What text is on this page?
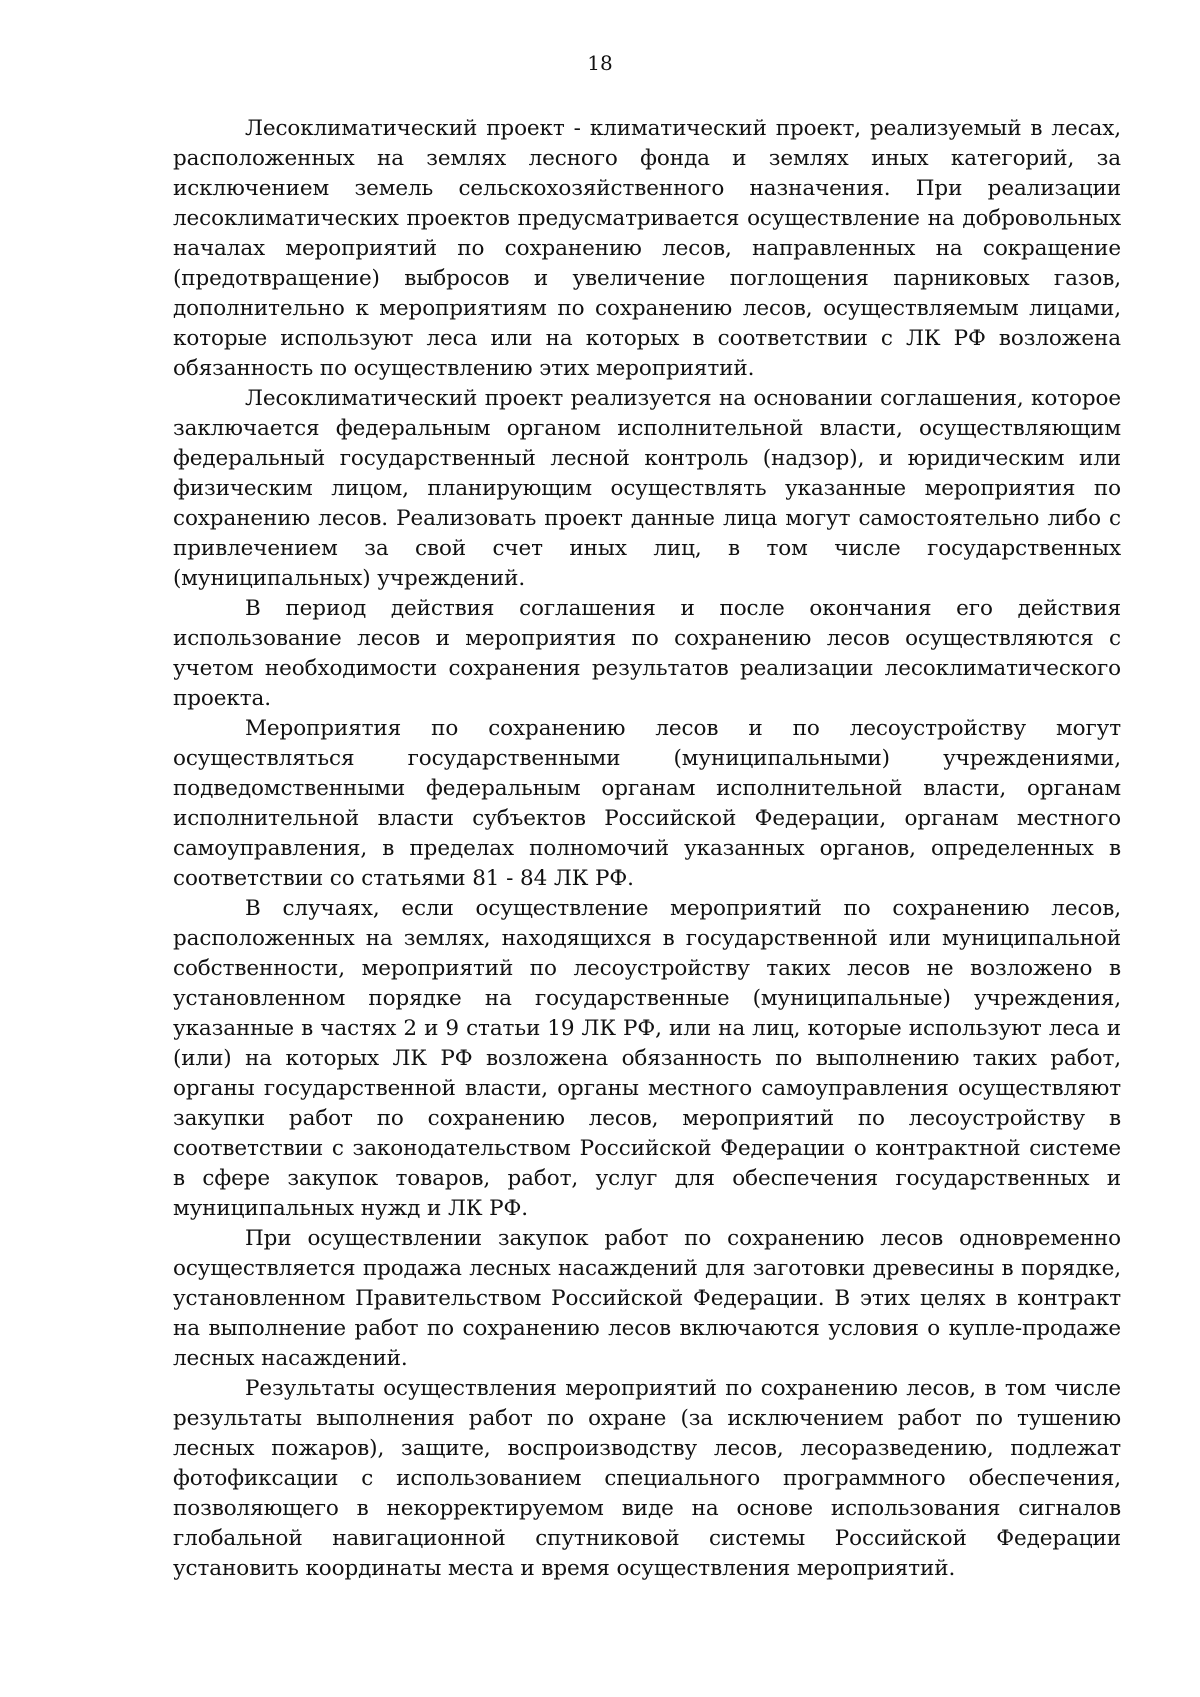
18

Лесоклиматический проект - климатический проект, реализуемый в лесах, расположенных на землях лесного фонда и землях иных категорий, за исключением земель сельскохозяйственного назначения. При реализации лесоклиматических проектов предусматривается осуществление на добровольных началах мероприятий по сохранению лесов, направленных на сокращение (предотвращение) выбросов и увеличение поглощения парниковых газов, дополнительно к мероприятиям по сохранению лесов, осуществляемым лицами, которые используют леса или на которых в соответствии с ЛК РФ возложена обязанность по осуществлению этих мероприятий.

Лесоклиматический проект реализуется на основании соглашения, которое заключается федеральным органом исполнительной власти, осуществляющим федеральный государственный лесной контроль (надзор), и юридическим или физическим лицом, планирующим осуществлять указанные мероприятия по сохранению лесов. Реализовать проект данные лица могут самостоятельно либо с привлечением за свой счет иных лиц, в том числе государственных (муниципальных) учреждений.

В период действия соглашения и после окончания его действия использование лесов и мероприятия по сохранению лесов осуществляются с учетом необходимости сохранения результатов реализации лесоклиматического проекта.

Мероприятия по сохранению лесов и по лесоустройству могут осуществляться государственными (муниципальными) учреждениями, подведомственными федеральным органам исполнительной власти, органам исполнительной власти субъектов Российской Федерации, органам местного самоуправления, в пределах полномочий указанных органов, определенных в соответствии со статьями 81 - 84 ЛК РФ.

В случаях, если осуществление мероприятий по сохранению лесов, расположенных на землях, находящихся в государственной или муниципальной собственности, мероприятий по лесоустройству таких лесов не возложено в установленном порядке на государственные (муниципальные) учреждения, указанные в частях 2 и 9 статьи 19 ЛК РФ, или на лиц, которые используют леса и (или) на которых ЛК РФ возложена обязанность по выполнению таких работ, органы государственной власти, органы местного самоуправления осуществляют закупки работ по сохранению лесов, мероприятий по лесоустройству в соответствии с законодательством Российской Федерации о контрактной системе в сфере закупок товаров, работ, услуг для обеспечения государственных и муниципальных нужд и ЛК РФ.

При осуществлении закупок работ по сохранению лесов одновременно осуществляется продажа лесных насаждений для заготовки древесины в порядке, установленном Правительством Российской Федерации. В этих целях в контракт на выполнение работ по сохранению лесов включаются условия о купле-продаже лесных насаждений.

Результаты осуществления мероприятий по сохранению лесов, в том числе результаты выполнения работ по охране (за исключением работ по тушению лесных пожаров), защите, воспроизводству лесов, лесоразведению, подлежат фотофиксации с использованием специального программного обеспечения, позволяющего в некорректируемом виде на основе использования сигналов глобальной навигационной спутниковой системы Российской Федерации установить координаты места и время осуществления мероприятий.
